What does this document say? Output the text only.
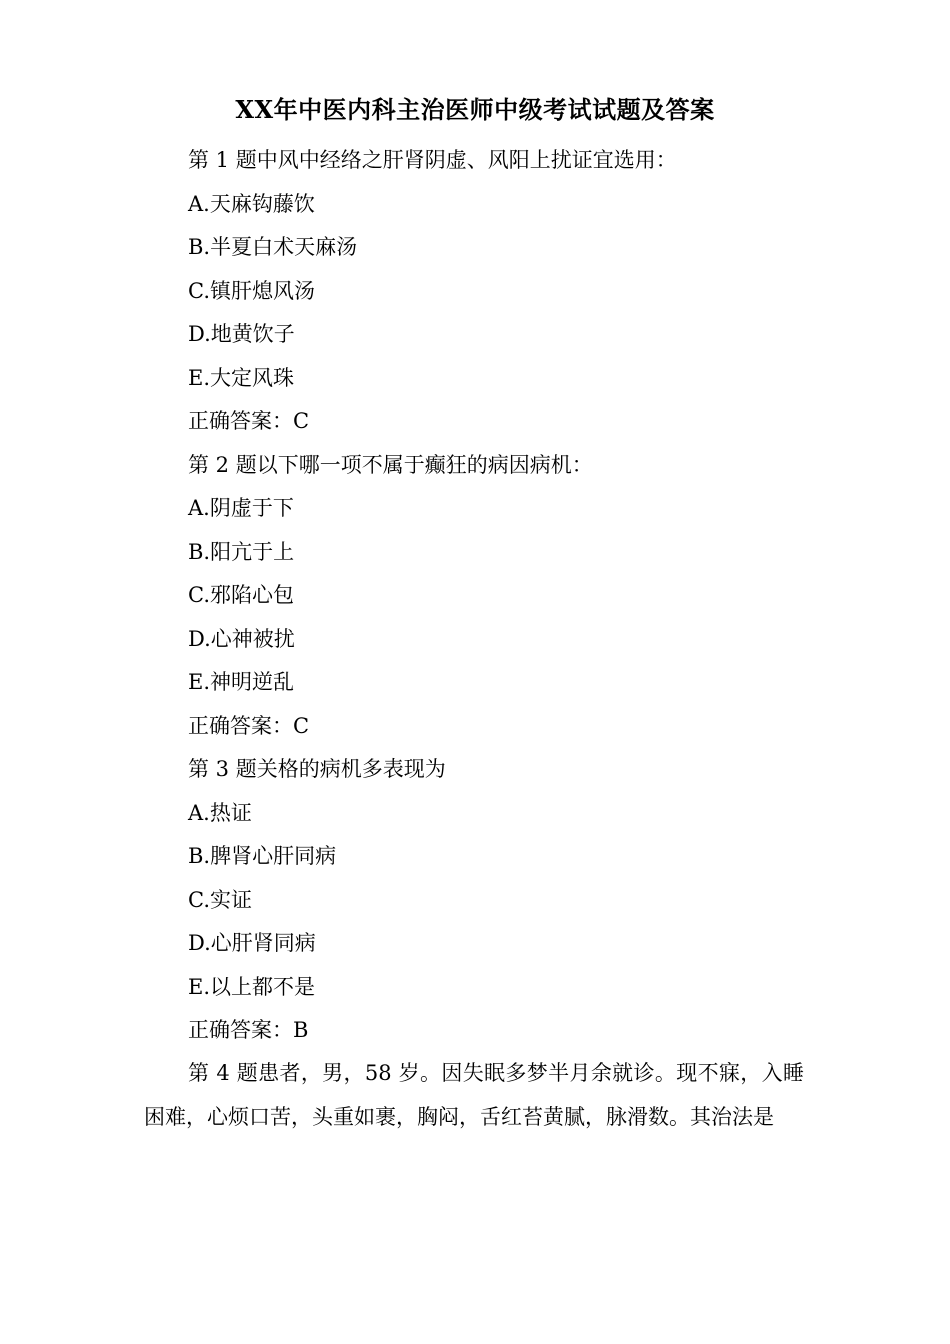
XX年中医内科主治医师中级考试试题及答案
第 1 题中风中经络之肝肾阴虚、风阳上扰证宜选用：
A.天麻钩藤饮
B.半夏白术天麻汤
C.镇肝熄风汤
D.地黄饮子
E.大定风珠
正确答案：C
第 2 题以下哪一项不属于癫狂的病因病机：
A.阴虚于下
B.阳亢于上
C.邪陷心包
D.心神被扰
E.神明逆乱
正确答案：C
第 3 题关格的病机多表现为
A.热证
B.脾肾心肝同病
C.实证
D.心肝肾同病
E.以上都不是
正确答案：B
第 4 题患者，男，58 岁。因失眠多梦半月余就诊。现不寐，入睡困难，心烦口苦，头重如裹，胸闷，舌红苔黄腻，脉滑数。其治法是
